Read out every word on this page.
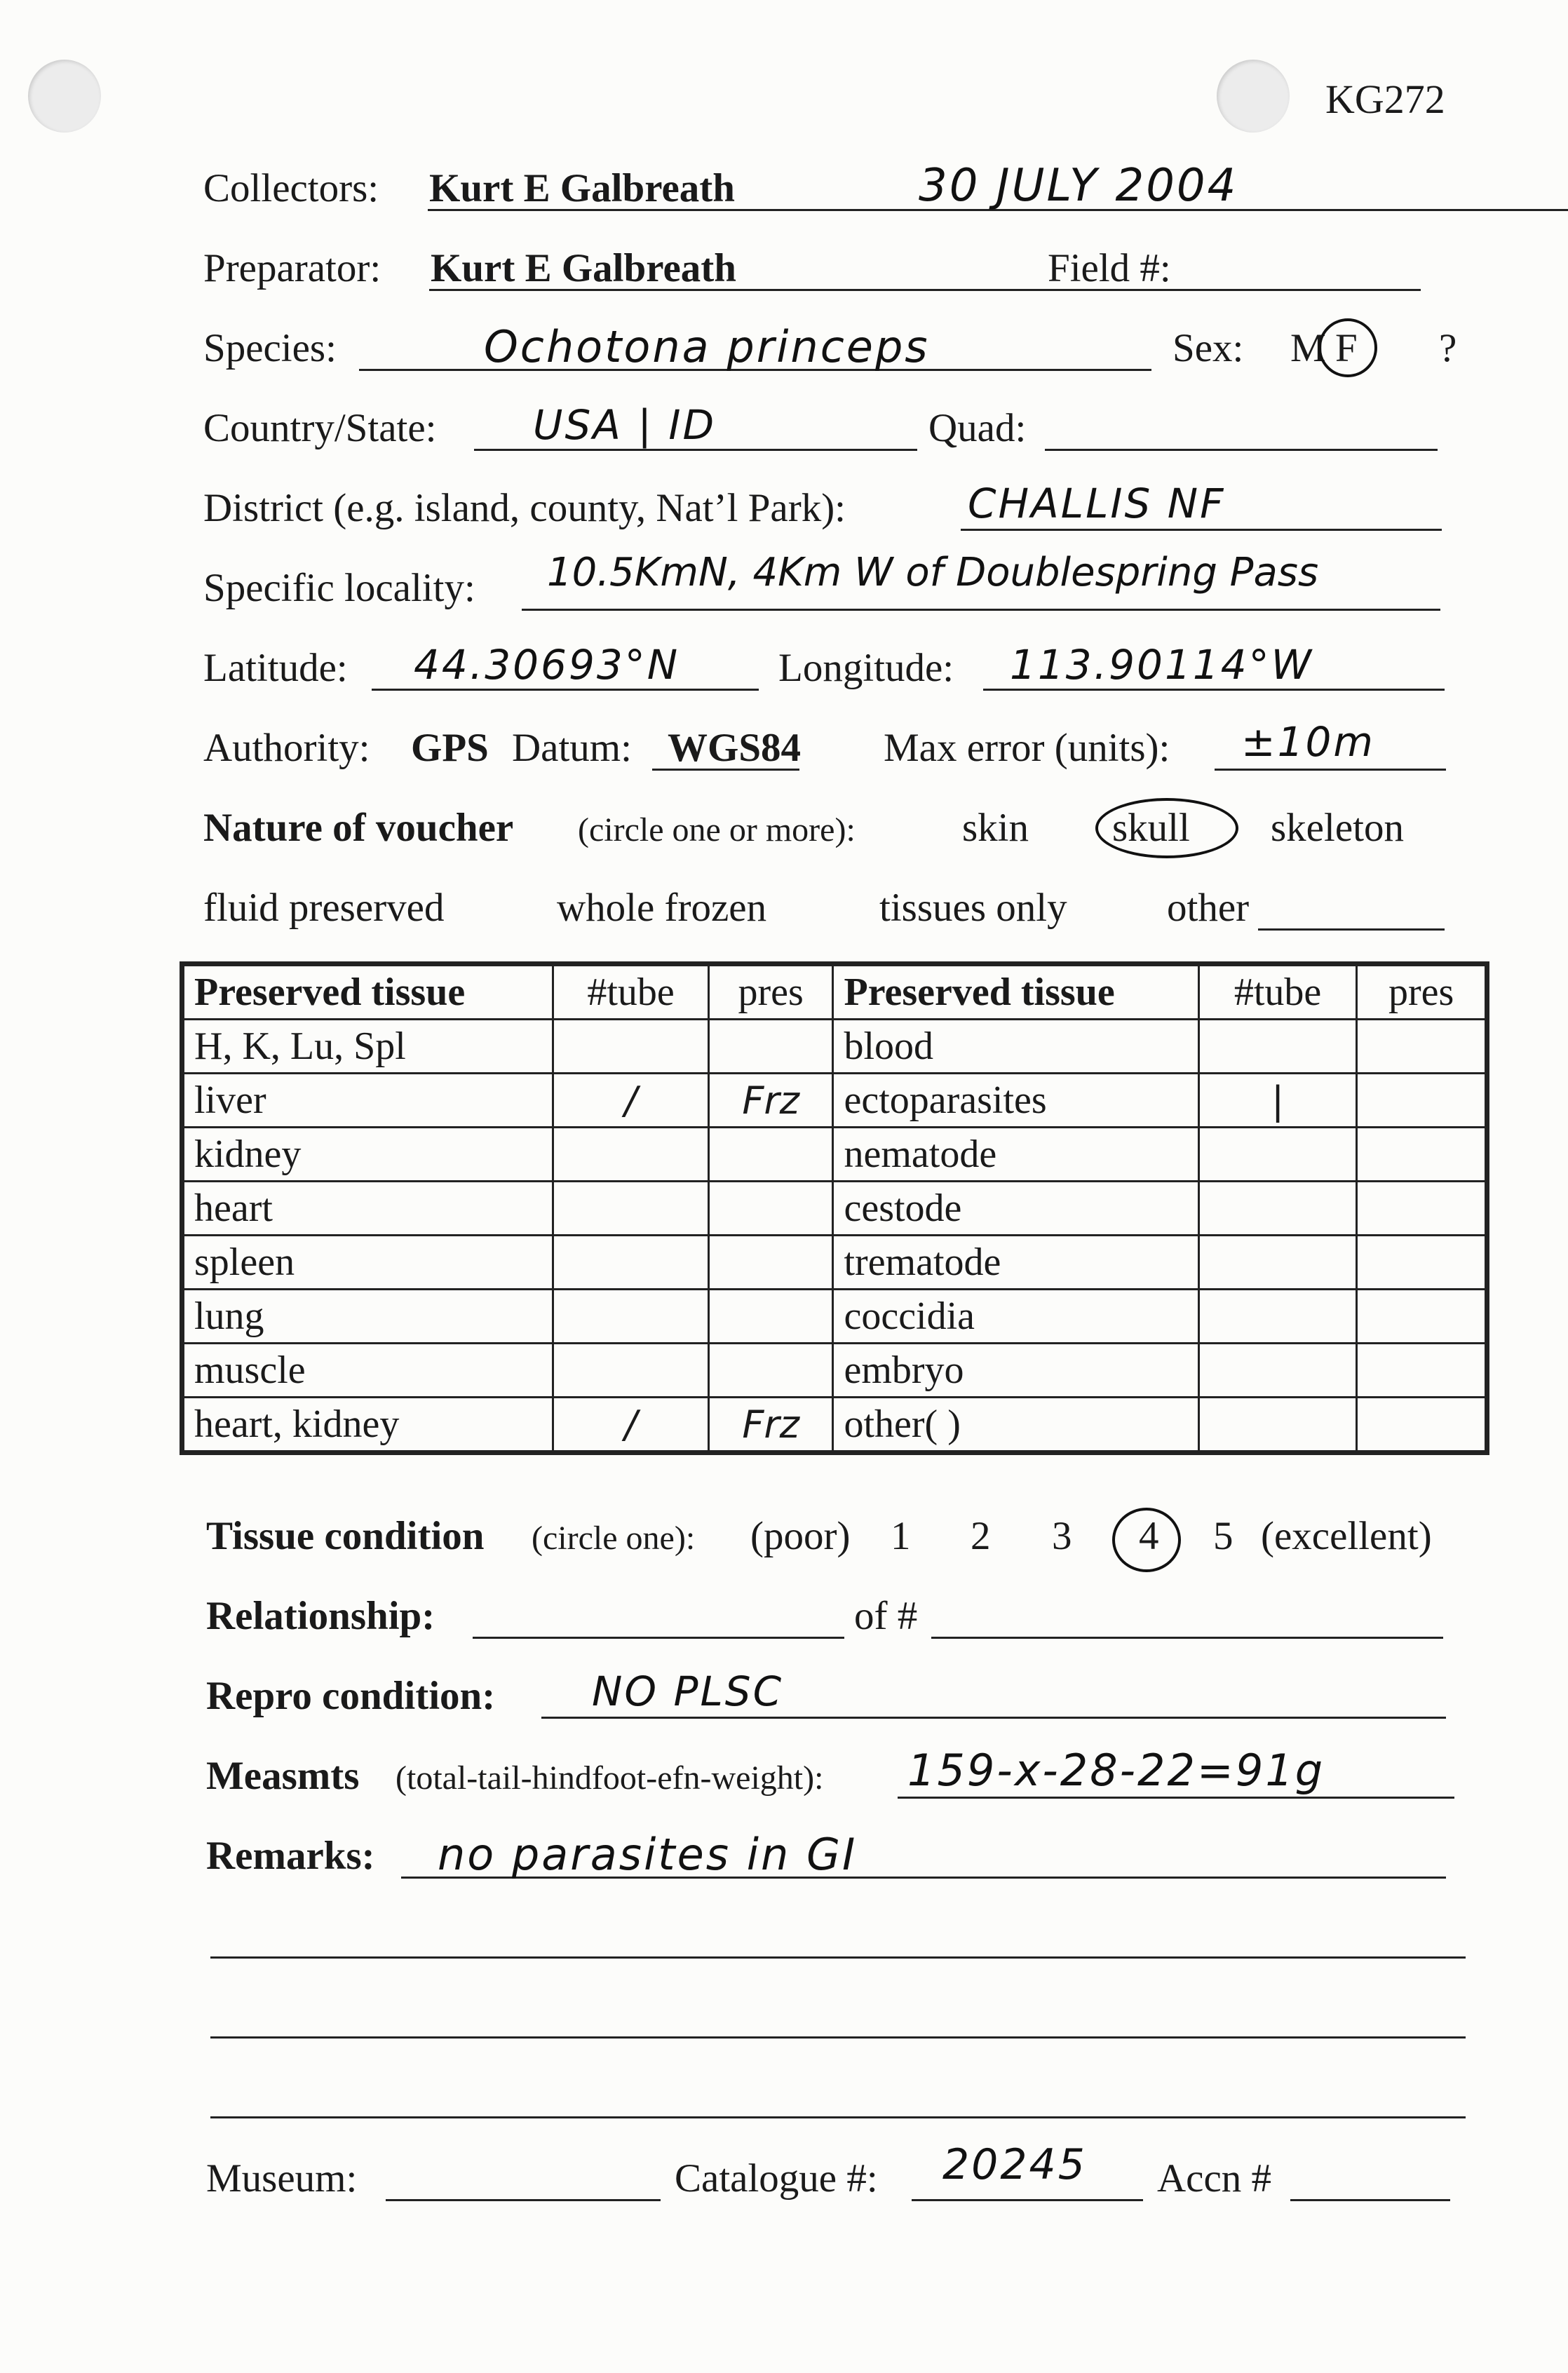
KG272
Collectors: Kurt E Galbreath	30 JULY 2004
Preparator: Kurt E Galbreath	Field #:
Species:	Ochotona princeps	Sex: M F ?
Country/State: USA | ID	Quad:
District (e.g. island, county, Nat’l Park):	CHALLIS NF
Specific locality: 10.5KmN, 4Km W of Doublespring Pass
Latitude: 44.30693°N Longitude: 113.90114°W
Authority: GPS Datum: WGS84 Max error (units): ±10m
Nature of voucher (circle one or more):	skin skull skeleton
fluid preserved	whole frozen	tissues only other
Preserved tissue	#tube	pres	Preserved tissue	#tube	pres
H, K, Lu, Spl			blood		
liver	/	Frz	ectoparasites	|	
kidney			nematode		
heart			cestode		
spleen			trematode		
lung			coccidia		
muscle			embryo		
heart, kidney	/	Frz	other( )		
Tissue condition (circle one): (poor) 1 2 3 4 5 (excellent)
Relationship:	of #
Repro condition: NO PLSC
Measmts (total-tail-hindfoot-efn-weight): 159-x-28-22=91g
Remarks: no parasites in GI
Museum:	Catalogue #: 20245 Accn #
